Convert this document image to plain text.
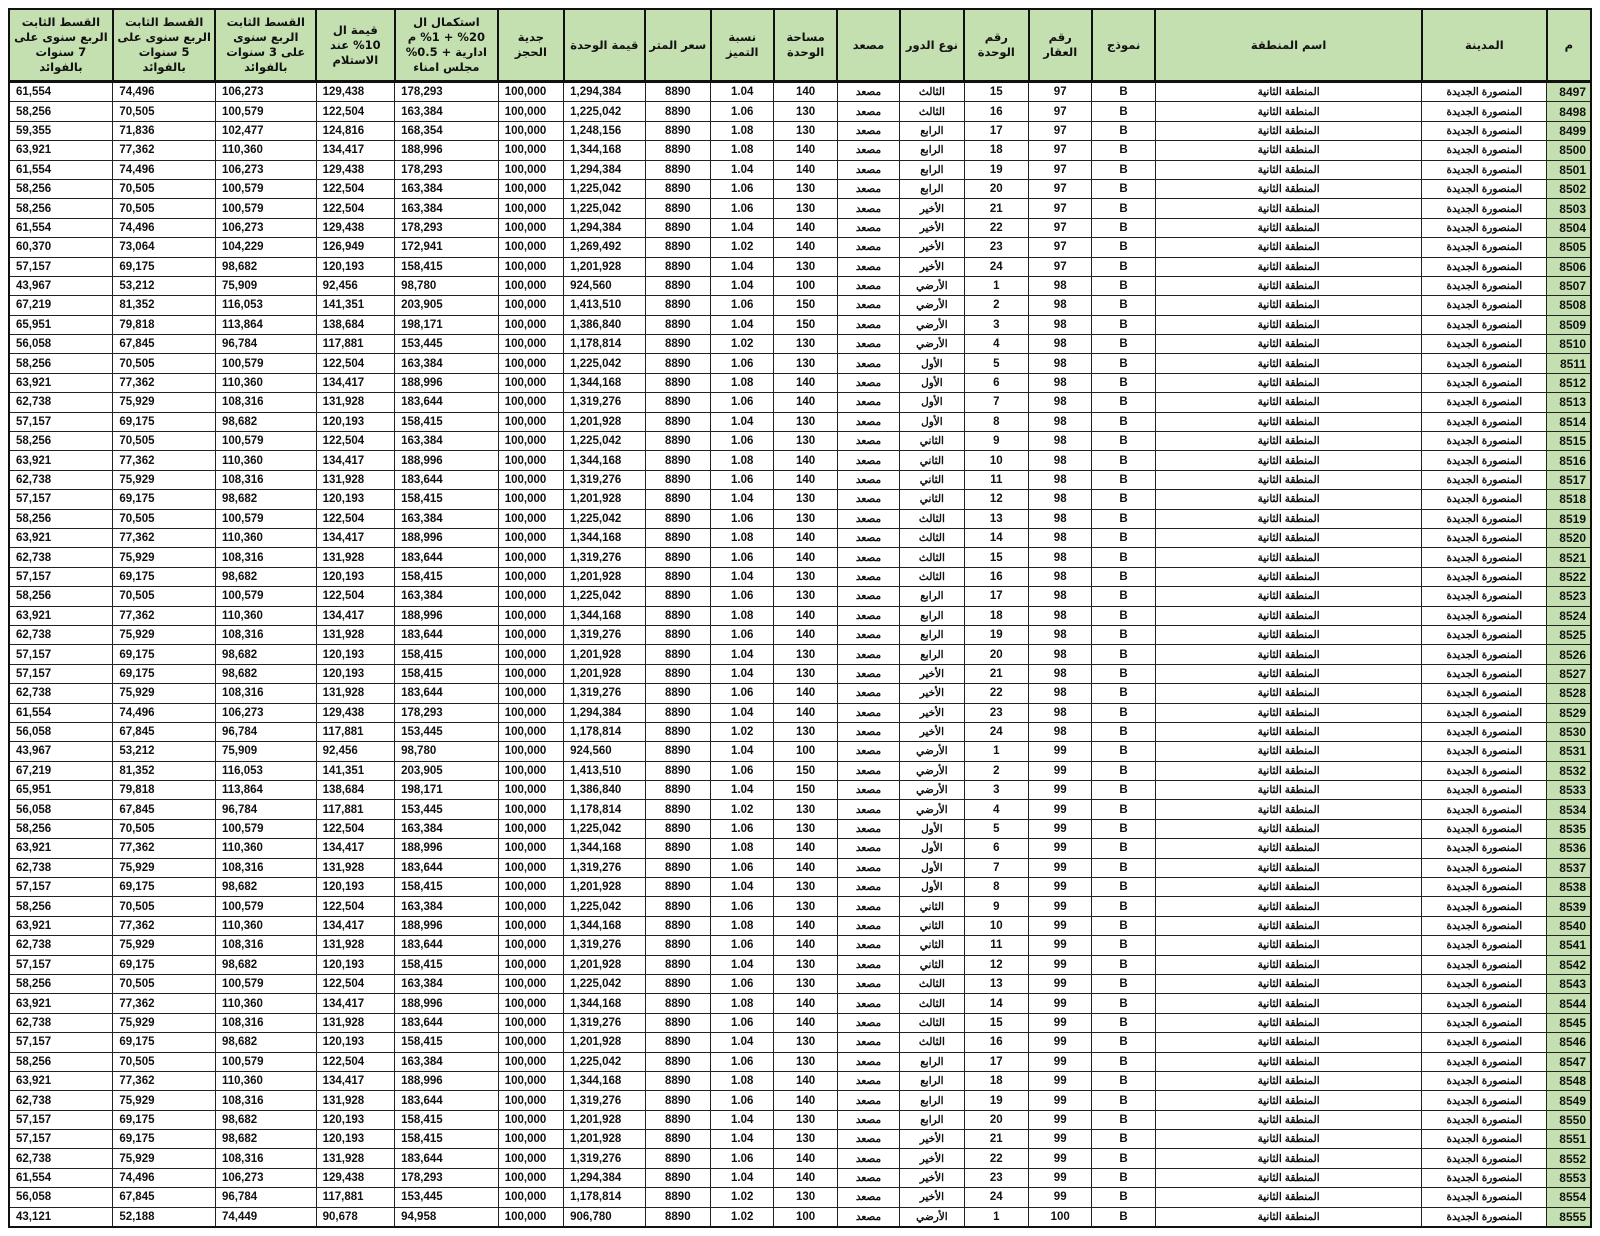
م	المدينة	اسم المنطقة	نموذج	رقم العقار	رقم الوحدة	نوع الدور	مصعد	مساحة الوحدة	نسبة التميز	سعر المتر	قيمة الوحدة	جدية الحجز	استكمال ال 20% + 1% م ادارية + 0.5% مجلس امناء	قيمة ال 10% عند الاستلام	القسط الثابت الربع سنوى على 3 سنوات بالفوائد	القسط الثابت الربع سنوى على 5 سنوات بالفوائد	القسط الثابت الربع سنوى على 7 سنوات بالفوائد
8497	المنصورة الجديدة	المنطقة الثانية	B	97	15	الثالث	مصعد	140	1.04	8890	1,294,384	100,000	178,293	129,438	106,273	74,496	61,554
8498	المنصورة الجديدة	المنطقة الثانية	B	97	16	الثالث	مصعد	130	1.06	8890	1,225,042	100,000	163,384	122,504	100,579	70,505	58,256
8499	المنصورة الجديدة	المنطقة الثانية	B	97	17	الرابع	مصعد	130	1.08	8890	1,248,156	100,000	168,354	124,816	102,477	71,836	59,355
8500	المنصورة الجديدة	المنطقة الثانية	B	97	18	الرابع	مصعد	140	1.08	8890	1,344,168	100,000	188,996	134,417	110,360	77,362	63,921
8501	المنصورة الجديدة	المنطقة الثانية	B	97	19	الرابع	مصعد	140	1.04	8890	1,294,384	100,000	178,293	129,438	106,273	74,496	61,554
8502	المنصورة الجديدة	المنطقة الثانية	B	97	20	الرابع	مصعد	130	1.06	8890	1,225,042	100,000	163,384	122,504	100,579	70,505	58,256
8503	المنصورة الجديدة	المنطقة الثانية	B	97	21	الأخير	مصعد	130	1.06	8890	1,225,042	100,000	163,384	122,504	100,579	70,505	58,256
8504	المنصورة الجديدة	المنطقة الثانية	B	97	22	الأخير	مصعد	140	1.04	8890	1,294,384	100,000	178,293	129,438	106,273	74,496	61,554
8505	المنصورة الجديدة	المنطقة الثانية	B	97	23	الأخير	مصعد	140	1.02	8890	1,269,492	100,000	172,941	126,949	104,229	73,064	60,370
8506	المنصورة الجديدة	المنطقة الثانية	B	97	24	الأخير	مصعد	130	1.04	8890	1,201,928	100,000	158,415	120,193	98,682	69,175	57,157
8507	المنصورة الجديدة	المنطقة الثانية	B	98	1	الأرضي	مصعد	100	1.04	8890	924,560	100,000	98,780	92,456	75,909	53,212	43,967
8508	المنصورة الجديدة	المنطقة الثانية	B	98	2	الأرضي	مصعد	150	1.06	8890	1,413,510	100,000	203,905	141,351	116,053	81,352	67,219
8509	المنصورة الجديدة	المنطقة الثانية	B	98	3	الأرضي	مصعد	150	1.04	8890	1,386,840	100,000	198,171	138,684	113,864	79,818	65,951
8510	المنصورة الجديدة	المنطقة الثانية	B	98	4	الأرضي	مصعد	130	1.02	8890	1,178,814	100,000	153,445	117,881	96,784	67,845	56,058
8511	المنصورة الجديدة	المنطقة الثانية	B	98	5	الأول	مصعد	130	1.06	8890	1,225,042	100,000	163,384	122,504	100,579	70,505	58,256
8512	المنصورة الجديدة	المنطقة الثانية	B	98	6	الأول	مصعد	140	1.08	8890	1,344,168	100,000	188,996	134,417	110,360	77,362	63,921
8513	المنصورة الجديدة	المنطقة الثانية	B	98	7	الأول	مصعد	140	1.06	8890	1,319,276	100,000	183,644	131,928	108,316	75,929	62,738
8514	المنصورة الجديدة	المنطقة الثانية	B	98	8	الأول	مصعد	130	1.04	8890	1,201,928	100,000	158,415	120,193	98,682	69,175	57,157
8515	المنصورة الجديدة	المنطقة الثانية	B	98	9	الثاني	مصعد	130	1.06	8890	1,225,042	100,000	163,384	122,504	100,579	70,505	58,256
8516	المنصورة الجديدة	المنطقة الثانية	B	98	10	الثاني	مصعد	140	1.08	8890	1,344,168	100,000	188,996	134,417	110,360	77,362	63,921
8517	المنصورة الجديدة	المنطقة الثانية	B	98	11	الثاني	مصعد	140	1.06	8890	1,319,276	100,000	183,644	131,928	108,316	75,929	62,738
8518	المنصورة الجديدة	المنطقة الثانية	B	98	12	الثاني	مصعد	130	1.04	8890	1,201,928	100,000	158,415	120,193	98,682	69,175	57,157
8519	المنصورة الجديدة	المنطقة الثانية	B	98	13	الثالث	مصعد	130	1.06	8890	1,225,042	100,000	163,384	122,504	100,579	70,505	58,256
8520	المنصورة الجديدة	المنطقة الثانية	B	98	14	الثالث	مصعد	140	1.08	8890	1,344,168	100,000	188,996	134,417	110,360	77,362	63,921
8521	المنصورة الجديدة	المنطقة الثانية	B	98	15	الثالث	مصعد	140	1.06	8890	1,319,276	100,000	183,644	131,928	108,316	75,929	62,738
8522	المنصورة الجديدة	المنطقة الثانية	B	98	16	الثالث	مصعد	130	1.04	8890	1,201,928	100,000	158,415	120,193	98,682	69,175	57,157
8523	المنصورة الجديدة	المنطقة الثانية	B	98	17	الرابع	مصعد	130	1.06	8890	1,225,042	100,000	163,384	122,504	100,579	70,505	58,256
8524	المنصورة الجديدة	المنطقة الثانية	B	98	18	الرابع	مصعد	140	1.08	8890	1,344,168	100,000	188,996	134,417	110,360	77,362	63,921
8525	المنصورة الجديدة	المنطقة الثانية	B	98	19	الرابع	مصعد	140	1.06	8890	1,319,276	100,000	183,644	131,928	108,316	75,929	62,738
8526	المنصورة الجديدة	المنطقة الثانية	B	98	20	الرابع	مصعد	130	1.04	8890	1,201,928	100,000	158,415	120,193	98,682	69,175	57,157
8527	المنصورة الجديدة	المنطقة الثانية	B	98	21	الأخير	مصعد	130	1.04	8890	1,201,928	100,000	158,415	120,193	98,682	69,175	57,157
8528	المنصورة الجديدة	المنطقة الثانية	B	98	22	الأخير	مصعد	140	1.06	8890	1,319,276	100,000	183,644	131,928	108,316	75,929	62,738
8529	المنصورة الجديدة	المنطقة الثانية	B	98	23	الأخير	مصعد	140	1.04	8890	1,294,384	100,000	178,293	129,438	106,273	74,496	61,554
8530	المنصورة الجديدة	المنطقة الثانية	B	98	24	الأخير	مصعد	130	1.02	8890	1,178,814	100,000	153,445	117,881	96,784	67,845	56,058
8531	المنصورة الجديدة	المنطقة الثانية	B	99	1	الأرضي	مصعد	100	1.04	8890	924,560	100,000	98,780	92,456	75,909	53,212	43,967
8532	المنصورة الجديدة	المنطقة الثانية	B	99	2	الأرضي	مصعد	150	1.06	8890	1,413,510	100,000	203,905	141,351	116,053	81,352	67,219
8533	المنصورة الجديدة	المنطقة الثانية	B	99	3	الأرضي	مصعد	150	1.04	8890	1,386,840	100,000	198,171	138,684	113,864	79,818	65,951
8534	المنصورة الجديدة	المنطقة الثانية	B	99	4	الأرضي	مصعد	130	1.02	8890	1,178,814	100,000	153,445	117,881	96,784	67,845	56,058
8535	المنصورة الجديدة	المنطقة الثانية	B	99	5	الأول	مصعد	130	1.06	8890	1,225,042	100,000	163,384	122,504	100,579	70,505	58,256
8536	المنصورة الجديدة	المنطقة الثانية	B	99	6	الأول	مصعد	140	1.08	8890	1,344,168	100,000	188,996	134,417	110,360	77,362	63,921
8537	المنصورة الجديدة	المنطقة الثانية	B	99	7	الأول	مصعد	140	1.06	8890	1,319,276	100,000	183,644	131,928	108,316	75,929	62,738
8538	المنصورة الجديدة	المنطقة الثانية	B	99	8	الأول	مصعد	130	1.04	8890	1,201,928	100,000	158,415	120,193	98,682	69,175	57,157
8539	المنصورة الجديدة	المنطقة الثانية	B	99	9	الثاني	مصعد	130	1.06	8890	1,225,042	100,000	163,384	122,504	100,579	70,505	58,256
8540	المنصورة الجديدة	المنطقة الثانية	B	99	10	الثاني	مصعد	140	1.08	8890	1,344,168	100,000	188,996	134,417	110,360	77,362	63,921
8541	المنصورة الجديدة	المنطقة الثانية	B	99	11	الثاني	مصعد	140	1.06	8890	1,319,276	100,000	183,644	131,928	108,316	75,929	62,738
8542	المنصورة الجديدة	المنطقة الثانية	B	99	12	الثاني	مصعد	130	1.04	8890	1,201,928	100,000	158,415	120,193	98,682	69,175	57,157
8543	المنصورة الجديدة	المنطقة الثانية	B	99	13	الثالث	مصعد	130	1.06	8890	1,225,042	100,000	163,384	122,504	100,579	70,505	58,256
8544	المنصورة الجديدة	المنطقة الثانية	B	99	14	الثالث	مصعد	140	1.08	8890	1,344,168	100,000	188,996	134,417	110,360	77,362	63,921
8545	المنصورة الجديدة	المنطقة الثانية	B	99	15	الثالث	مصعد	140	1.06	8890	1,319,276	100,000	183,644	131,928	108,316	75,929	62,738
8546	المنصورة الجديدة	المنطقة الثانية	B	99	16	الثالث	مصعد	130	1.04	8890	1,201,928	100,000	158,415	120,193	98,682	69,175	57,157
8547	المنصورة الجديدة	المنطقة الثانية	B	99	17	الرابع	مصعد	130	1.06	8890	1,225,042	100,000	163,384	122,504	100,579	70,505	58,256
8548	المنصورة الجديدة	المنطقة الثانية	B	99	18	الرابع	مصعد	140	1.08	8890	1,344,168	100,000	188,996	134,417	110,360	77,362	63,921
8549	المنصورة الجديدة	المنطقة الثانية	B	99	19	الرابع	مصعد	140	1.06	8890	1,319,276	100,000	183,644	131,928	108,316	75,929	62,738
8550	المنصورة الجديدة	المنطقة الثانية	B	99	20	الرابع	مصعد	130	1.04	8890	1,201,928	100,000	158,415	120,193	98,682	69,175	57,157
8551	المنصورة الجديدة	المنطقة الثانية	B	99	21	الأخير	مصعد	130	1.04	8890	1,201,928	100,000	158,415	120,193	98,682	69,175	57,157
8552	المنصورة الجديدة	المنطقة الثانية	B	99	22	الأخير	مصعد	140	1.06	8890	1,319,276	100,000	183,644	131,928	108,316	75,929	62,738
8553	المنصورة الجديدة	المنطقة الثانية	B	99	23	الأخير	مصعد	140	1.04	8890	1,294,384	100,000	178,293	129,438	106,273	74,496	61,554
8554	المنصورة الجديدة	المنطقة الثانية	B	99	24	الأخير	مصعد	130	1.02	8890	1,178,814	100,000	153,445	117,881	96,784	67,845	56,058
8555	المنصورة الجديدة	المنطقة الثانية	B	100	1	الأرضي	مصعد	100	1.02	8890	906,780	100,000	94,958	90,678	74,449	52,188	43,121
